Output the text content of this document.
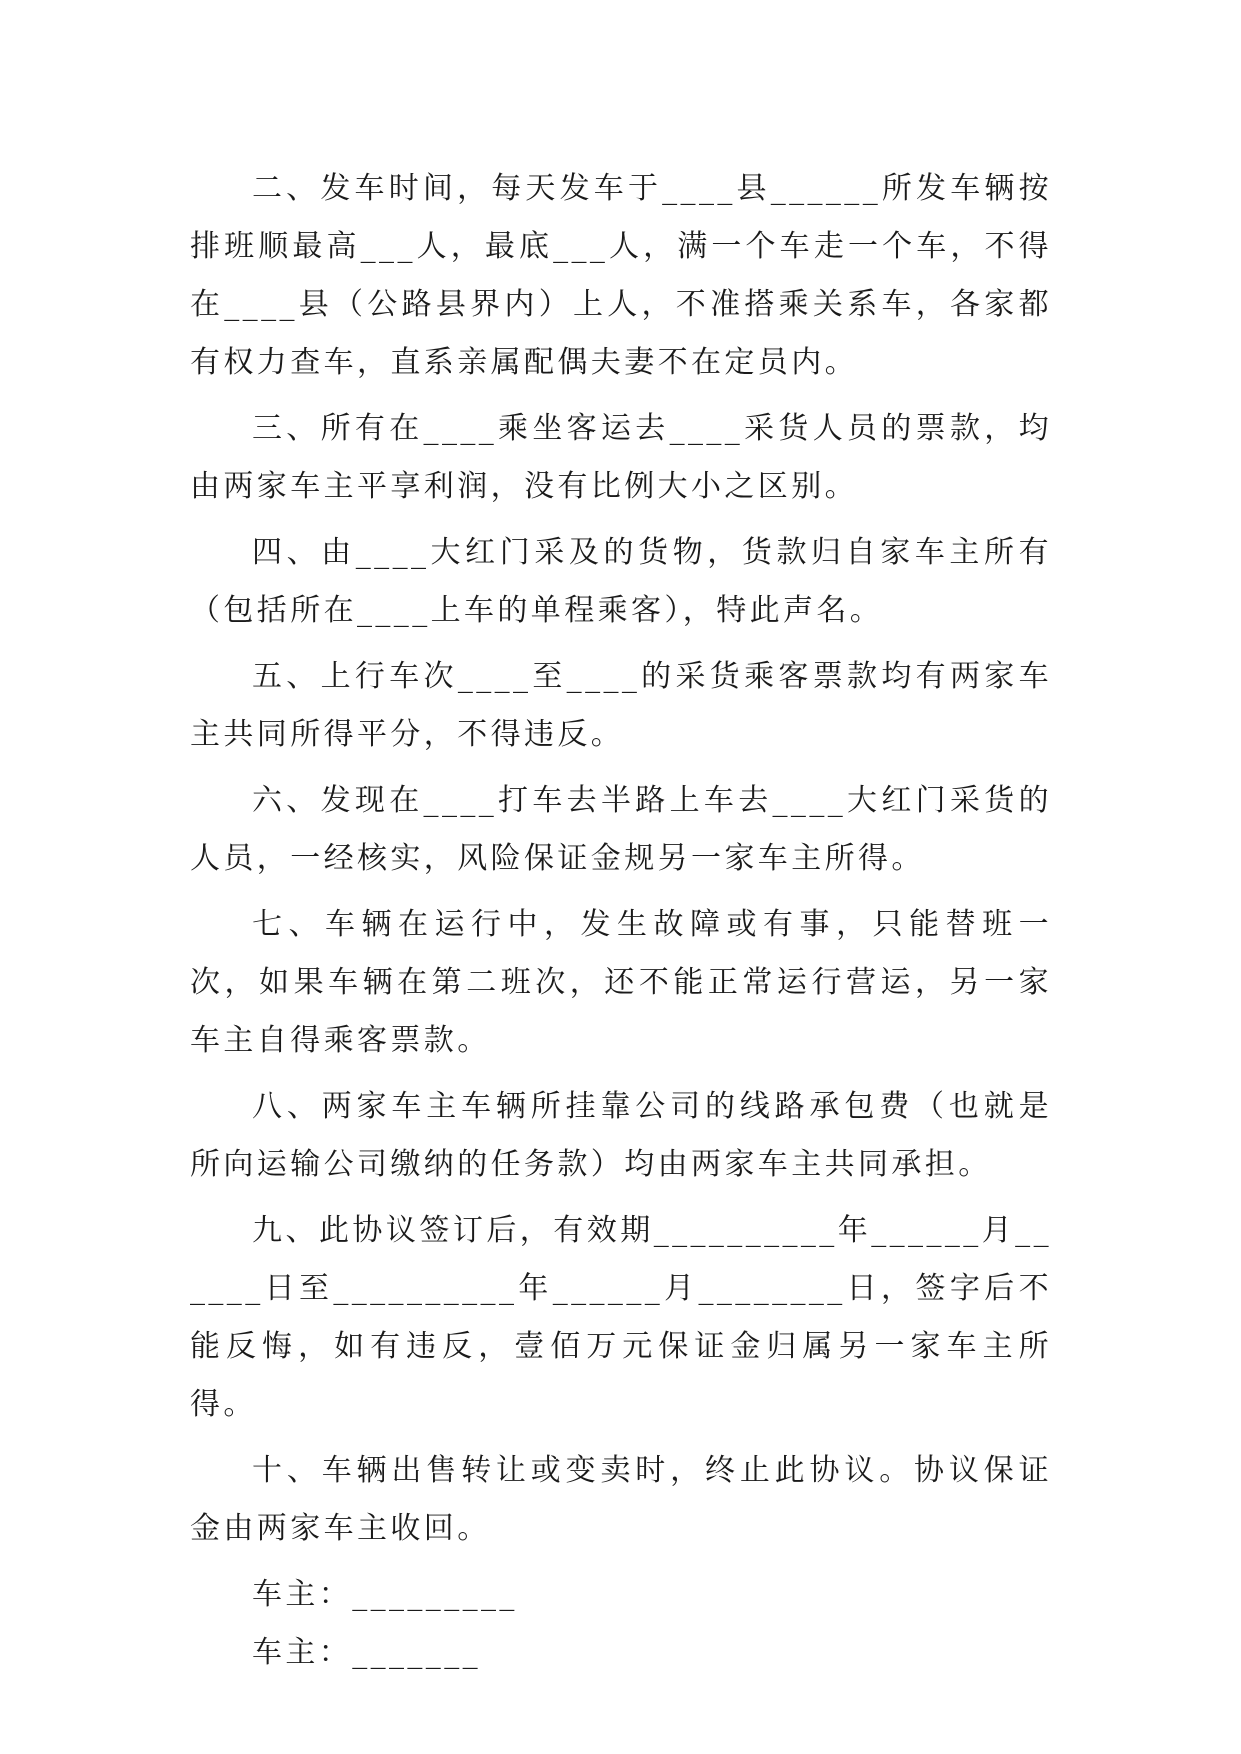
二、发车时间，每天发车于____县______所发车辆按排班顺最高___人，最底___人，满一个车走一个车，不得在____县（公路县界内）上人，不准搭乘关系车，各家都有权力查车，直系亲属配偶夫妻不在定员内。

三、所有在____乘坐客运去____采货人员的票款，均由两家车主平享利润，没有比例大小之区别。

四、由____大红门采及的货物，货款归自家车主所有（包括所在____上车的单程乘客），特此声名。

五、上行车次____至____的采货乘客票款均有两家车主共同所得平分，不得违反。

六、发现在____打车去半路上车去____大红门采货的人员，一经核实，风险保证金规另一家车主所得。

七、车辆在运行中，发生故障或有事，只能替班一次，如果车辆在第二班次，还不能正常运行营运，另一家车主自得乘客票款。

八、两家车主车辆所挂靠公司的线路承包费（也就是所向运输公司缴纳的任务款）均由两家车主共同承担。

九、此协议签订后，有效期__________年______月______日至__________年______月________日，签字后不能反悔，如有违反，壹佰万元保证金归属另一家车主所得。

十、车辆出售转让或变卖时，终止此协议。协议保证金由两家车主收回。

车主：_________

车主：_______
